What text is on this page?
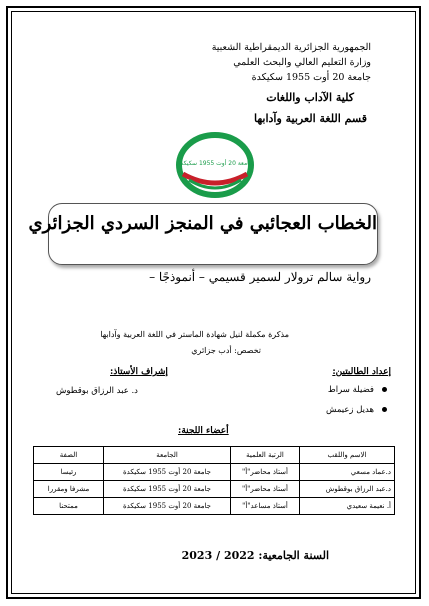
الجمهورية الجزائرية الديمقراطية الشعبية
وزارة التعليم العالي والبحث العلمي
جامعة 20 أوت 1955 سكيكدة
كلية الآداب واللغات
قسم اللغة العربية وآدابها
جامعة 20 أوت 1955 سكيكدة
الخطاب العجائبي في المنجز السردي الجزائري
رواية سالم ترولار لسمير قسيمي – أنموذجًا –
مذكرة مكملة لنيل شهادة الماستر في اللغة العربية وآدابها
تخصص: أدب جزائري
إعداد الطالبتين:
فضيلة سراط
هديل زعيمش
إشراف الأستاذ:
د. عبد الرزاق بوقطوش
أعضاء اللجنة:
الاسم واللقب	الرتبة العلمية	الجامعة	الصفة
د.عماد مسعي	أستاذ محاضر"أ"	جامعة 20 أوت 1955 سكيكدة	رئيسا
د.عبد الرزاق بوقطوش	أستاذ محاضر"أ"	جامعة 20 أوت 1955 سكيكدة	مشرفا ومقررا
أ. نعيمة سعيدي	أستاذ مساعد"أ"	جامعة 20 أوت 1955 سكيكدة	ممتحنا
السنة الجامعية: 2022 / 2023
